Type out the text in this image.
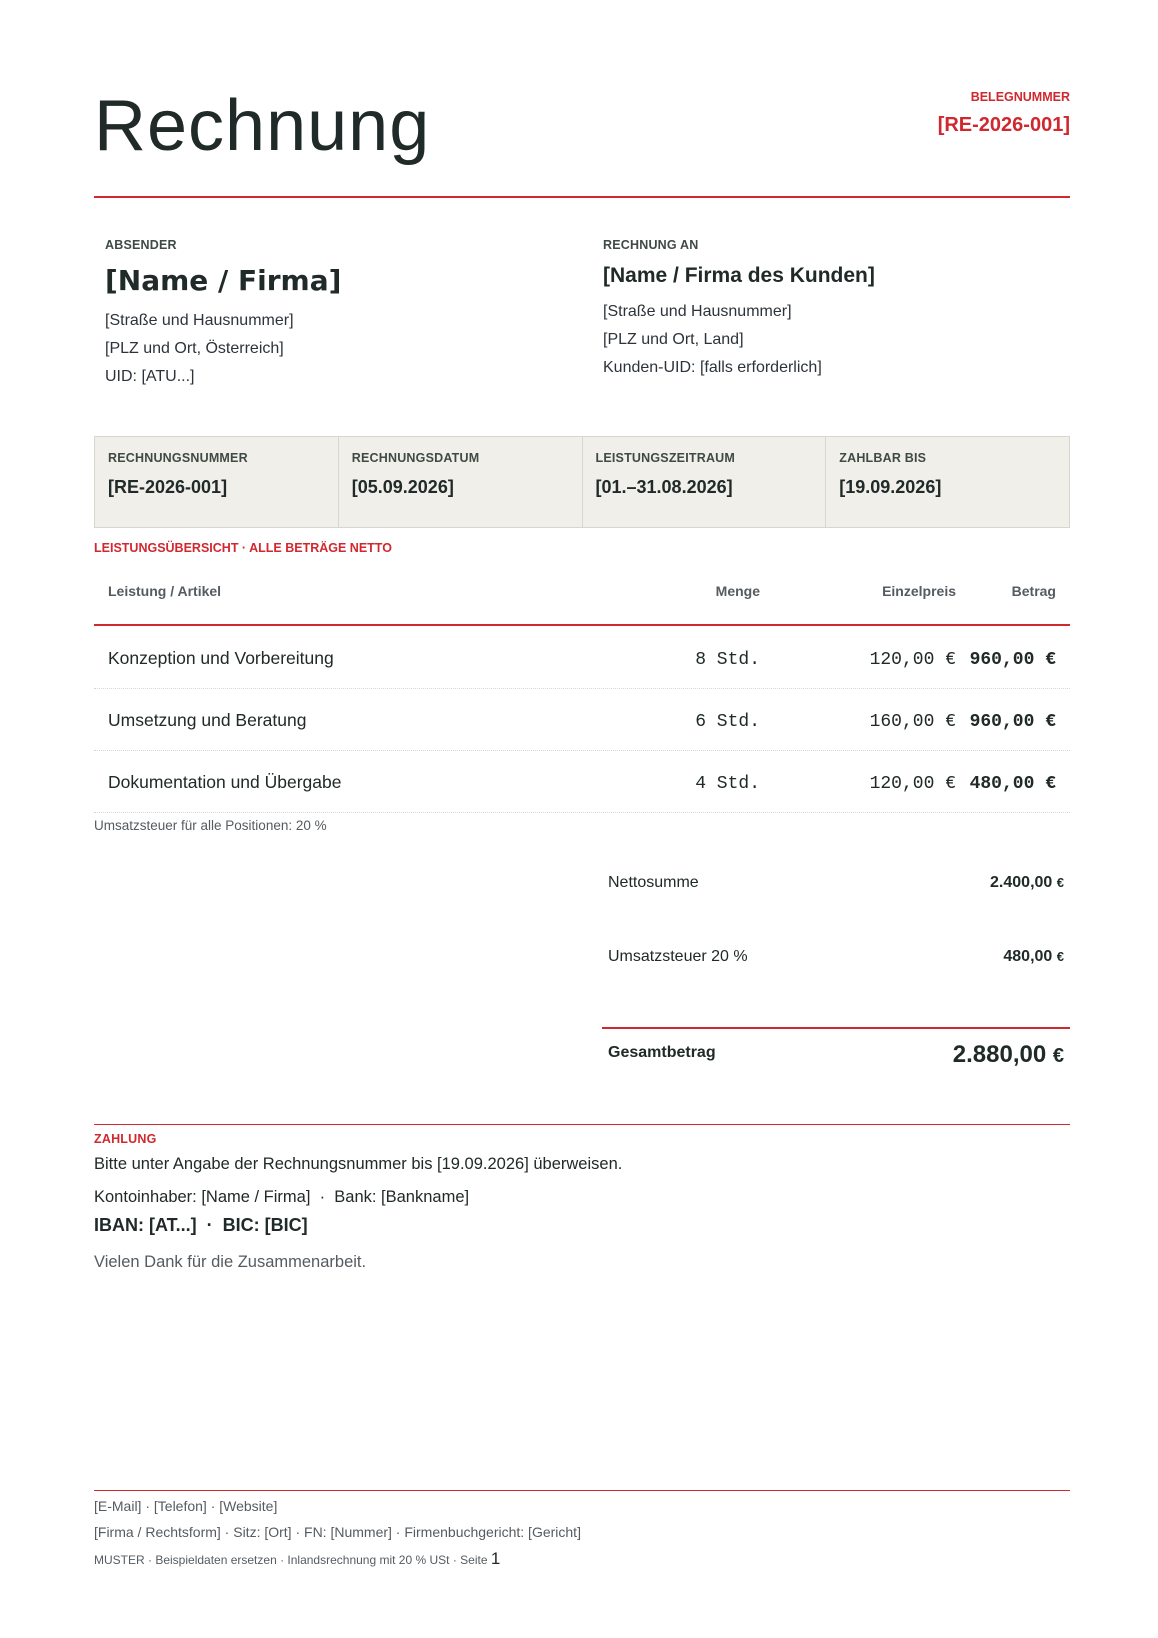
Rechnung	BELEGNUMMER
[RE-2026-001]
ABSENDER
[Name / Firma]
[Straße und Hausnummer]
[PLZ und Ort, Österreich]
UID: [ATU...]
RECHNUNG AN
[Name / Firma des Kunden]
[Straße und Hausnummer]
[PLZ und Ort, Land]
Kunden-UID: [falls erforderlich]
RECHNUNGSNUMMER
[RE-2026-001]
RECHNUNGSDATUM
[05.09.2026]
LEISTUNGSZEITRAUM
[01.–31.08.2026]
ZAHLBAR BIS
[19.09.2026]
LEISTUNGSÜBERSICHT · ALLE BETRÄGE NETTO
Leistung / Artikel	Menge	Einzelpreis	Betrag
Konzeption und Vorbereitung	8 Std.	120,00 € 960,00 €
Umsetzung und Beratung	6 Std.	160,00 € 960,00 €
Dokumentation und Übergabe	4 Std.	120,00 € 480,00 €
Umsatzsteuer für alle Positionen: 20 %
Nettosumme	2.400,00 €
Umsatzsteuer 20 %	480,00 €
Gesamtbetrag	2.880,00 €
ZAHLUNG
Bitte unter Angabe der Rechnungsnummer bis [19.09.2026] überweisen.
Kontoinhaber: [Name / Firma]  ·  Bank: [Bankname]
IBAN: [AT...]  ·  BIC: [BIC]
Vielen Dank für die Zusammenarbeit.
[E-Mail] · [Telefon] · [Website]
[Firma / Rechtsform] · Sitz: [Ort] · FN: [Nummer] · Firmenbuchgericht: [Gericht]
MUSTER · Beispieldaten ersetzen · Inlandsrechnung mit 20 % USt · Seite 1
